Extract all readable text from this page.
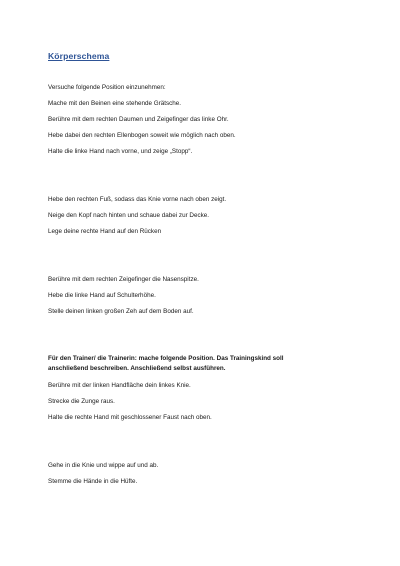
Körperschema
Versuche folgende Position einzunehmen:
Mache mit den Beinen eine stehende Grätsche.
Berühre mit dem rechten Daumen und Zeigefinger das linke Ohr.
Hebe dabei den rechten Ellenbogen soweit wie möglich nach oben.
Halte die linke Hand nach vorne, und zeige „Stopp“.
Hebe den rechten Fuß, sodass das Knie vorne nach oben zeigt.
Neige den Kopf nach hinten und schaue dabei zur Decke.
Lege deine rechte Hand auf den Rücken
Berühre mit dem rechten Zeigefinger die Nasenspitze.
Hebe die linke Hand auf Schulterhöhe.
Stelle deinen linken großen Zeh auf dem Boden auf.
Für den Trainer/ die Trainerin: mache folgende Position. Das Trainingskind soll
anschließend beschreiben. Anschließend selbst ausführen.
Berühre mit der linken Handfläche dein linkes Knie.
Strecke die Zunge raus.
Halte die rechte Hand mit geschlossener Faust nach oben.
Gehe in die Knie und wippe auf und ab.
Stemme die Hände in die Hüfte.
